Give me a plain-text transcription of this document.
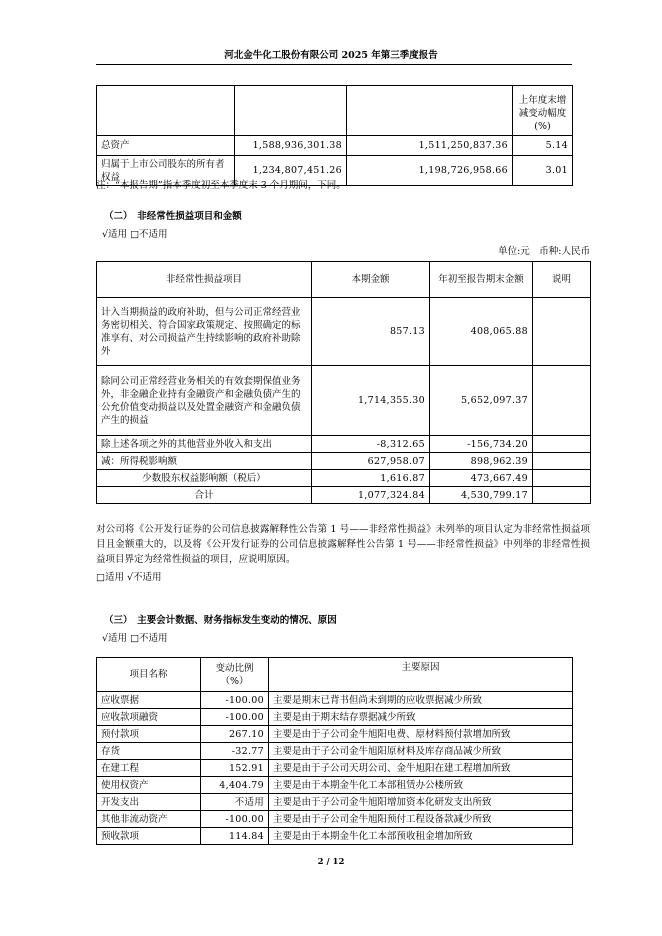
河北金牛化工股份有限公司 2025 年第三季度报告
			上年度末增减变动幅度(%)
总资产	1,588,936,301.38	1,511,250,837.36	5.14
归属于上市公司股东的所有者权益	1,234,807,451.26	1,198,726,958.66	3.01
注：“本报告期”指本季度初至本季度末 3 个月期间，下同。
（二）　非经常性损益项目和金额
√适用 □不适用
单位:元　币种:人民币
非经常性损益项目	本期金额	年初至报告期末金额	说明
计入当期损益的政府补助，但与公司正常经营业务密切相关、符合国家政策规定、按照确定的标准享有、对公司损益产生持续影响的政府补助除外	857.13	408,065.88	
除同公司正常经营业务相关的有效套期保值业务外，非金融企业持有金融资产和金融负债产生的公允价值变动损益以及处置金融资产和金融负债产生的损益	1,714,355.30	5,652,097.37	
除上述各项之外的其他营业外收入和支出	-8,312.65	-156,734.20	
减：所得税影响额	627,958.07	898,962.39	
少数股东权益影响额（税后）	1,616.87	473,667.49	
合计	1,077,324.84	4,530,799.17	
对公司将《公开发行证券的公司信息披露解释性公告第 1 号——非经常性损益》未列举的项目认定为非经常性损益项目且金额重大的，以及将《公开发行证券的公司信息披露解释性公告第 1 号——非经常性损益》中列举的非经常性损益项目界定为经常性损益的项目，应说明原因。
□适用 √不适用
（三）　主要会计数据、财务指标发生变动的情况、原因
√适用 □不适用
项目名称	变动比例（%）	主要原因
应收票据	-100.00	主要是期末已背书但尚未到期的应收票据减少所致
应收款项融资	-100.00	主要是由于期末结存票据减少所致
预付款项	267.10	主要是由于子公司金牛旭阳电费、原材料预付款增加所致
存货	-32.77	主要是由于子公司金牛旭阳原材料及库存商品减少所致
在建工程	152.91	主要是由于子公司天玥公司、金牛旭阳在建工程增加所致
使用权资产	4,404.79	主要是由于本期金牛化工本部租赁办公楼所致
开发支出	不适用	主要是由于子公司金牛旭阳增加资本化研发支出所致
其他非流动资产	-100.00	主要是由于子公司金牛旭阳预付工程设备款减少所致
预收款项	114.84	主要是由于本期金牛化工本部预收租金增加所致
2 / 12
